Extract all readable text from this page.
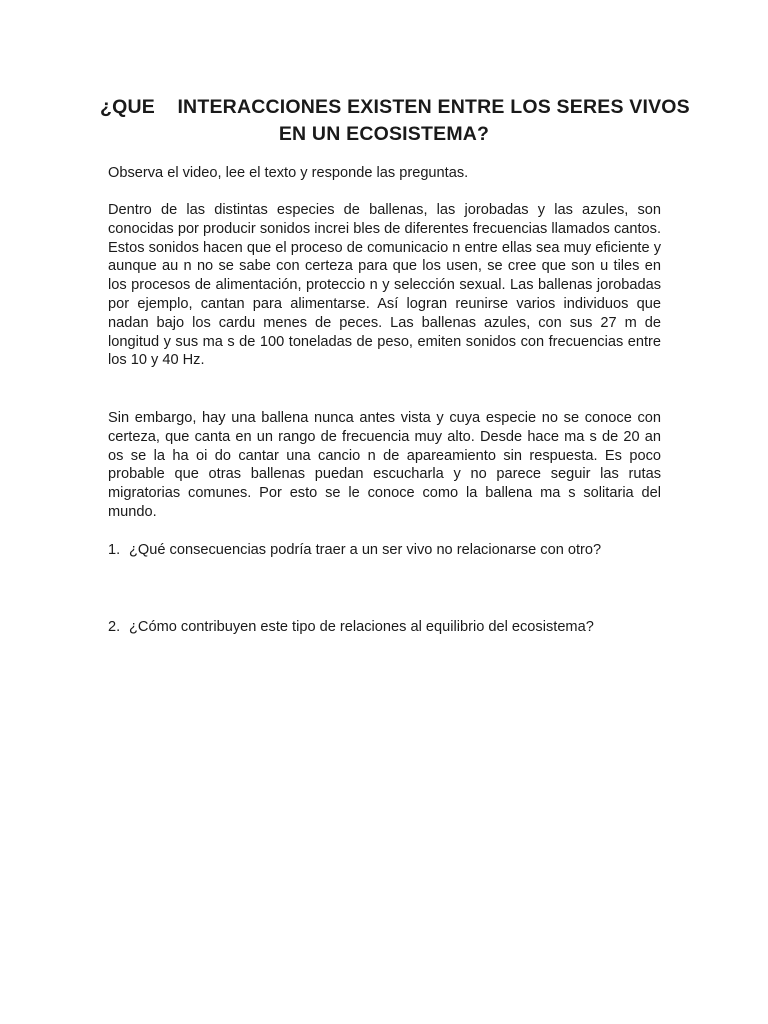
¿QUE    INTERACCIONES EXISTEN ENTRE LOS SERES VIVOS
EN UN ECOSISTEMA?
Observa el video, lee el texto y responde las preguntas.
Dentro de las distintas especies de ballenas, las jorobadas y las azules, son conocidas por producir sonidos increi bles de diferentes frecuencias llamados cantos. Estos sonidos hacen que el proceso de comunicacio n entre ellas sea muy eficiente y aunque au n no se sabe con certeza para que los usen, se cree que son u tiles en los procesos de alimentación, proteccio n y selección sexual. Las ballenas jorobadas por ejemplo, cantan para alimentarse. Así logran reunirse varios individuos que nadan bajo los cardu menes de peces. Las ballenas azules, con sus 27 m de longitud y sus ma s de 100 toneladas de peso, emiten sonidos con frecuencias entre los 10 y 40 Hz.
Sin embargo, hay una ballena nunca antes vista y cuya especie no se conoce con certeza, que canta en un rango de frecuencia muy alto. Desde hace ma s de 20 an os se la ha oi do cantar una cancio n de apareamiento sin respuesta. Es poco probable que otras ballenas puedan escucharla y no parece seguir las rutas migratorias comunes. Por esto se le conoce como la ballena ma s solitaria del mundo.
1. ¿Qué consecuencias podría traer a un ser vivo no relacionarse con otro?
2. ¿Cómo contribuyen este tipo de relaciones al equilibrio del ecosistema?
